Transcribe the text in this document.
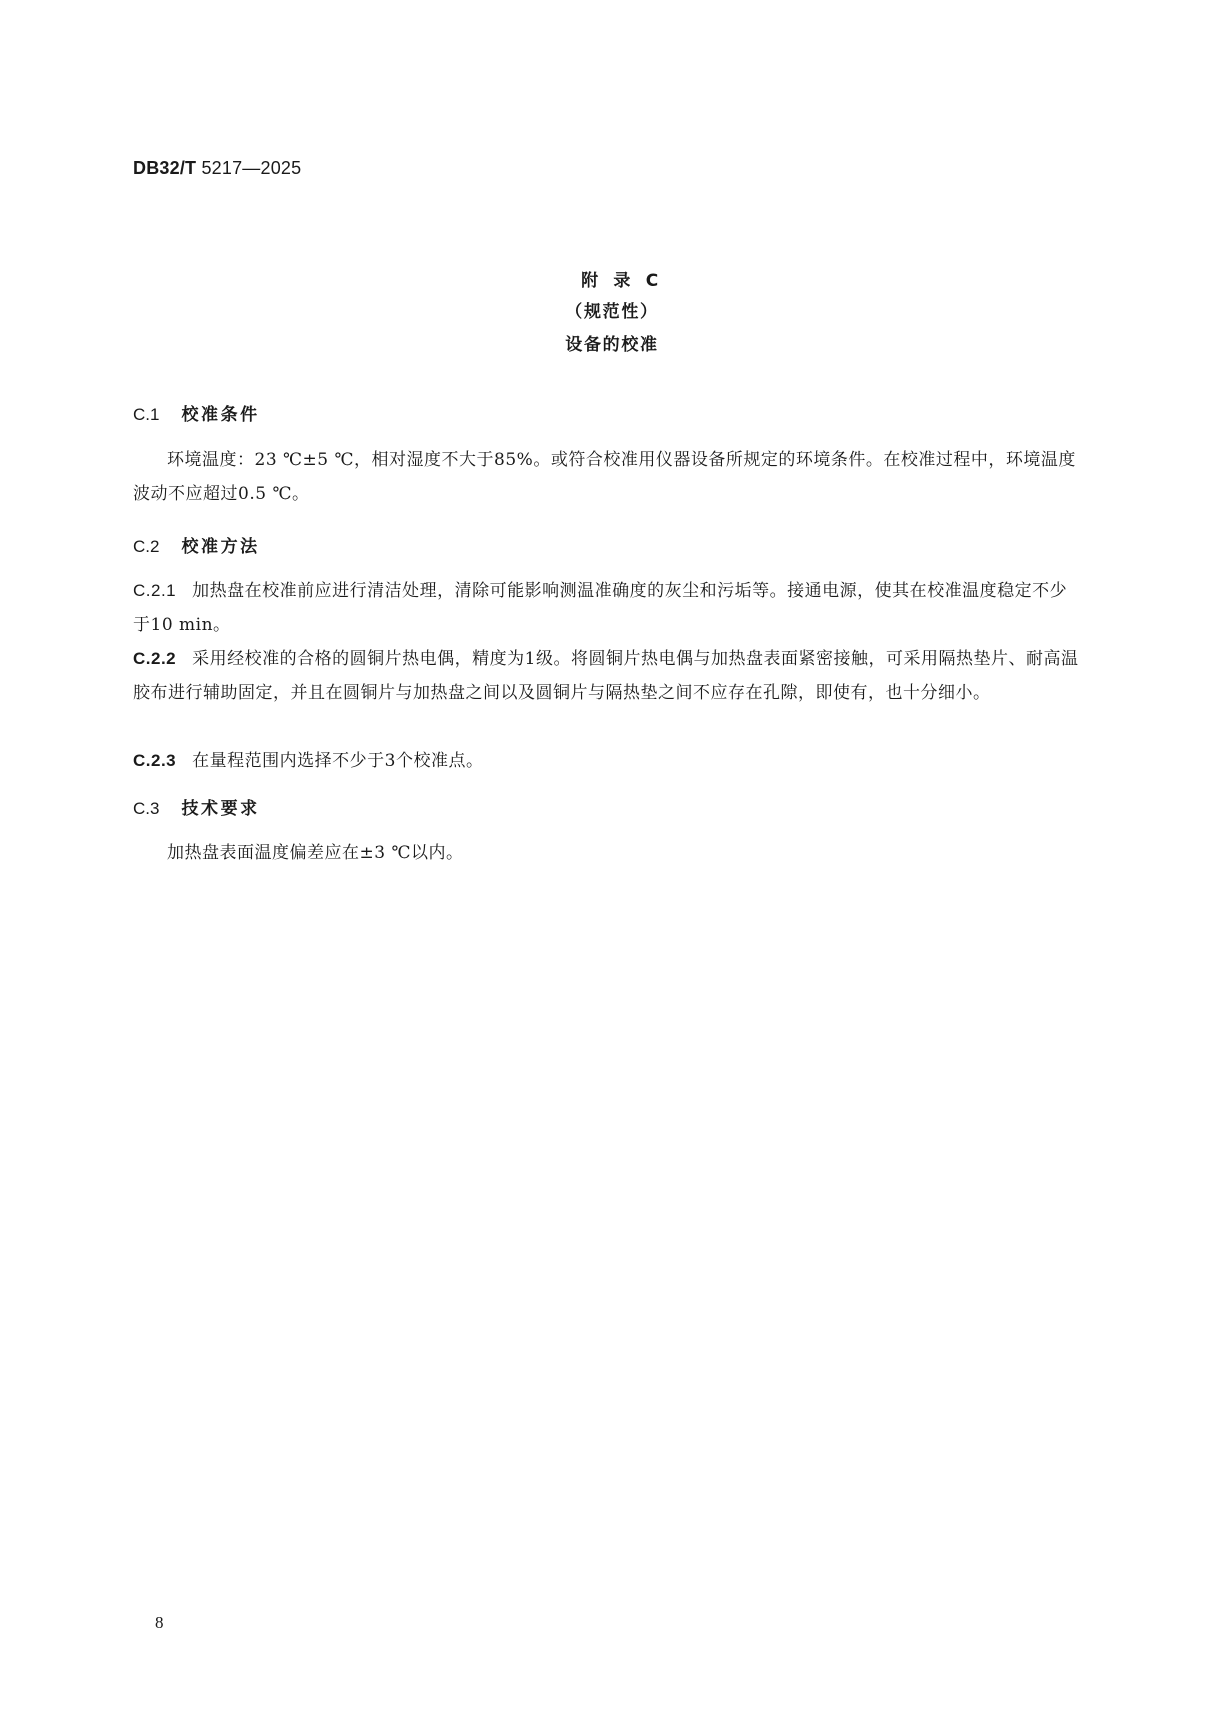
DB32/T 5217—2025
附录C
（规范性）
设备的校准
C.1 校准条件
环境温度：23 ℃±5 ℃，相对湿度不大于85%。或符合校准用仪器设备所规定的环境条件。在校准过程中，环境温度波动不应超过0.5 ℃。
C.2 校准方法
C.2.1 加热盘在校准前应进行清洁处理，清除可能影响测温准确度的灰尘和污垢等。接通电源，使其在校准温度稳定不少于10 min。
C.2.2 采用经校准的合格的圆铜片热电偶，精度为1级。将圆铜片热电偶与加热盘表面紧密接触，可采用隔热垫片、耐高温胶布进行辅助固定，并且在圆铜片与加热盘之间以及圆铜片与隔热垫之间不应存在孔隙，即使有，也十分细小。
C.2.3 在量程范围内选择不少于3个校准点。
C.3 技术要求
加热盘表面温度偏差应在±3 ℃以内。
8
